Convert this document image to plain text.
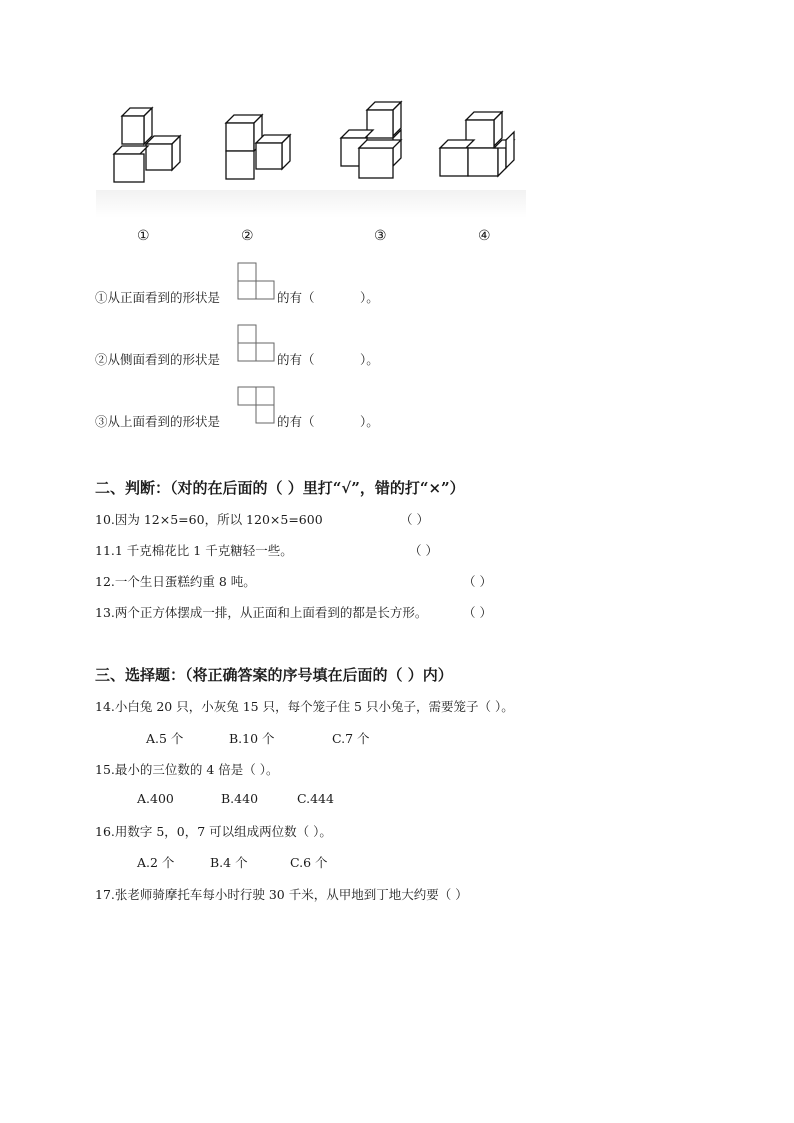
①	②	③	④
①从正面看到的形状是	的有（	）。
②从侧面看到的形状是	的有（	）。
③从上面看到的形状是	的有（	）。
二、判断：（对的在后面的（ ）里打“√”，错的打“×”）
10.因为 12×5=60，所以 120×5=600	（ ）
11.1 千克棉花比 1 千克糖轻一些。	（ ）
12.一个生日蛋糕约重 8 吨。	（ ）
13.两个正方体摆成一排，从正面和上面看到的都是长方形。	（ ）
三、选择题：（将正确答案的序号填在后面的（ ）内）
14.小白兔 20 只，小灰兔 15 只，每个笼子住 5 只小兔子，需要笼子（ ）。
A.5 个	B.10 个	C.7 个
15.最小的三位数的 4 倍是（ ）。
A.400	B.440	C.444
16.用数字 5，0，7 可以组成两位数（ ）。
A.2 个	B.4 个	C.6 个
17.张老师骑摩托车每小时行驶 30 千米，从甲地到丁地大约要（ ）
